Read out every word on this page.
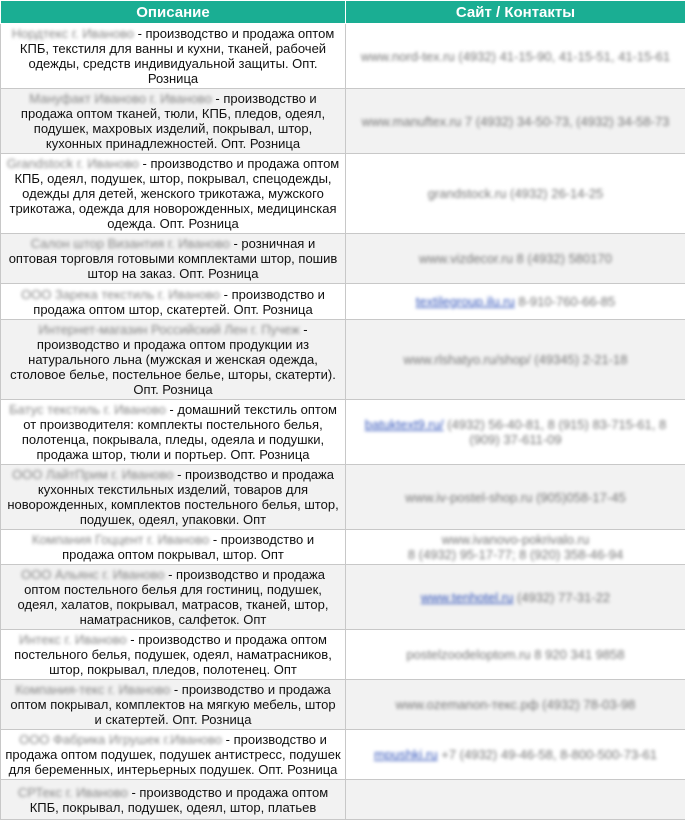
Описание	Сайт / Контакты
Нордтекс г. Иваново - производство и продажа оптом КПБ, текстиля для ванны и кухни, тканей, рабочей одежды, средств индивидуальной защиты. Опт. Розница	www.nord-tex.ru (4932) 41-15-90, 41-15-51, 41-15-61

Мануфакт Иваново г. Иваново - производство и продажа оптом тканей, тюли, КПБ, пледов, одеял, подушек, махровых изделий, покрывал, штор, кухонных принадлежностей. Опт. Розница	www.manuftex.ru 7 (4932) 34-50-73, (4932) 34-58-73

Grandstock г. Иваново - производство и продажа оптом КПБ, одеял, подушек, штор, покрывал, спецодежды, одежды для детей, женского трикотажа, мужского трикотажа, одежда для новорожденных, медицинская одежда. Опт. Розница	grandstock.ru (4932) 26-14-25

Салон штор Византия г. Иваново - розничная и оптовая торговля готовыми комплектами штор, пошив штор на заказ. Опт. Розница	www.vizdecor.ru 8 (4932) 580170

ООО Зарека текстиль г. Иваново - производство и продажа оптом штор, скатертей. Опт. Розница	textilegroup.ilu.ru 8-910-760-66-85

Интернет-магазин Российский Лен г. Пучеж - производство и продажа оптом продукции из натурального льна (мужская и женская одежда, столовое белье, постельное белье, шторы, скатерти). Опт. Розница	www.rlshatyo.ru/shop/ (49345) 2-21-18

Батус текстиль г. Иваново - домашний текстиль оптом от производителя: комплекты постельного белья, полотенца, покрывала, пледы, одеяла и подушки, продажа штор, тюли и портьер. Опт. Розница	batuktext9.ru/ (4932) 56-40-81, 8 (915) 83-715-61, 8 (909) 37-611-09

ООО ЛайтПрим г. Иваново - производство и продажа кухонных текстильных изделий, товаров для новорожденных, комплектов постельного белья, штор, подушек, одеял, упаковки. Опт	www.iv-postel-shop.ru (905)058-17-45

Компания Гоццент г. Иваново - производство и продажа оптом покрывал, штор. Опт	www.ivanovo-pokrivalo.ru
8 (4932) 95-17-77; 8 (920) 358-46-94

ООО Альянс г. Иваново - производство и продажа оптом постельного белья для гостиниц, подушек, одеял, халатов, покрывал, матрасов, тканей, штор, наматрасников, салфеток. Опт	www.tenhotel.ru (4932) 77-31-22

Интекс г. Иваново - производство и продажа оптом постельного белья, подушек, одеял, наматрасников, штор, покрывал, пледов, полотенец. Опт	postelzoodeloptom.ru 8 920 341 9858

Компания-текс г. Иваново - производство и продажа оптом покрывал, комплектов на мягкую мебель, штор и скатертей. Опт. Розница	www.ozemanon-текс.рф (4932) 78-03-98

ООО Фабрика Игрушек г.Иваново - производство и продажа оптом подушек, подушек антистресс, подушек для беременных, интерьерных подушек. Опт. Розница	mpushki.ru +7 (4932) 49-46-58, 8-800-500-73-61

СРТекс г. Иваново - производство и продажа оптом КПБ, покрывал, подушек, одеял, штор, платьев	
